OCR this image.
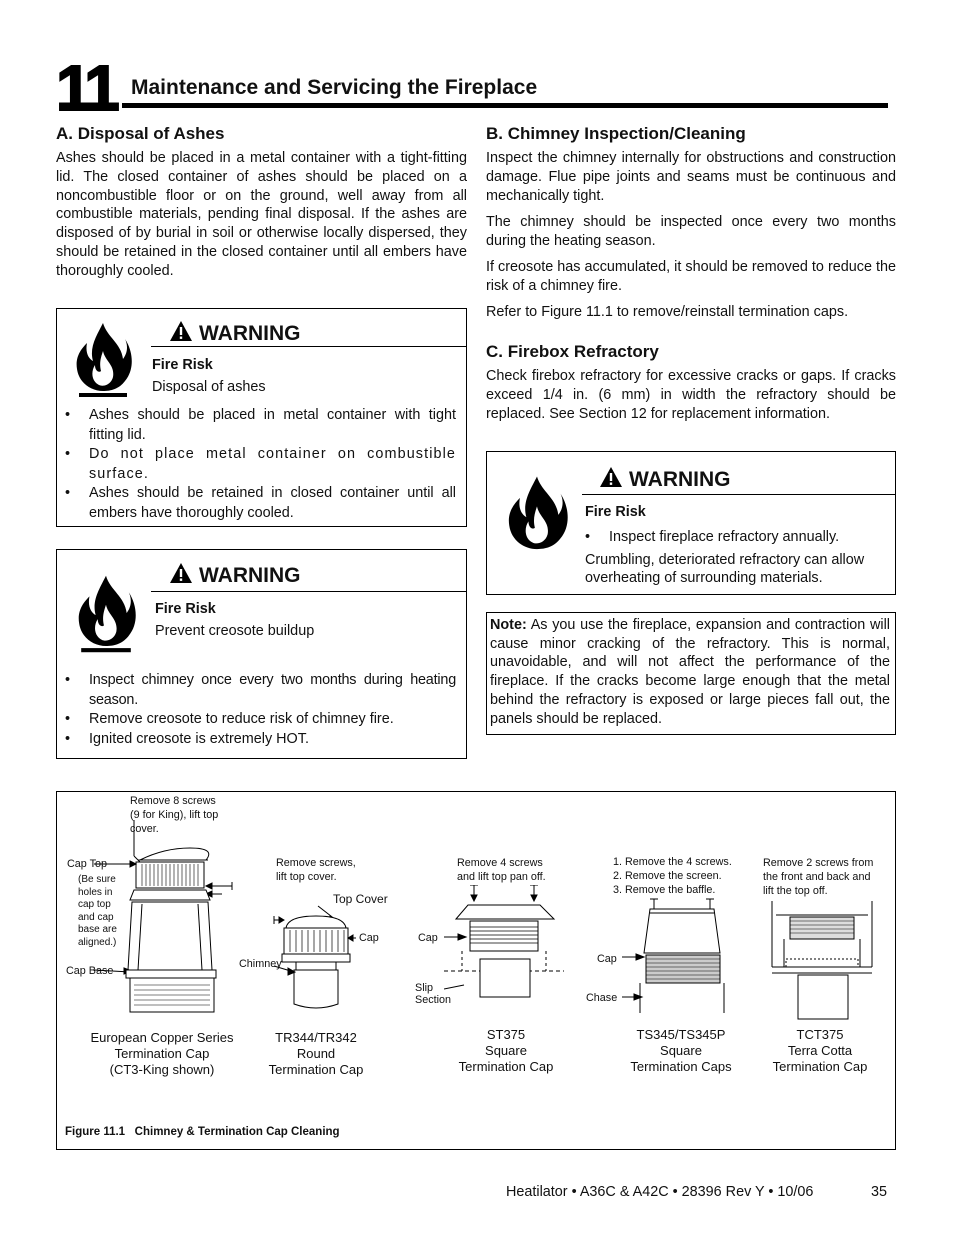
11 Maintenance and Servicing the Fireplace
A. Disposal of Ashes

Ashes should be placed in a metal container with a tight-fitting lid. The closed container of ashes should be placed on a noncombustible floor or on the ground, well away from all combustible materials, pending final disposal. If the ashes are disposed of by burial in soil or otherwise locally dispersed, they should be retained in the closed container until all embers have thoroughly cooled.

WARNING
Fire Risk
Disposal of ashes
• Ashes should be placed in metal container with tight fitting lid.
• Do not place metal container on combustible surface.
• Ashes should be retained in closed container until all embers have thoroughly cooled.
WARNING
Fire Risk
Prevent creosote buildup
• Inspect chimney once every two months during heating season.
• Remove creosote to reduce risk of chimney fire.
• Ignited creosote is extremely HOT.
B. Chimney Inspection/Cleaning

Inspect the chimney internally for obstructions and construction damage. Flue pipe joints and seams must be continuous and mechanically tight.

The chimney should be inspected once every two months during the heating season.

If creosote has accumulated, it should be removed to reduce the risk of a chimney fire.

Refer to Figure 11.1 to remove/reinstall termination caps.

C. Firebox Refractory

Check firebox refractory for excessive cracks or gaps. If cracks exceed 1/4 in. (6 mm) in width the refractory should be replaced. See Section 12 for replacement information.

WARNING
Fire Risk
• Inspect fireplace refractory annually.
Crumbling, deteriorated refractory can allow overheating of surrounding materials.

Note: As you use the fireplace, expansion and contraction will cause minor cracking of the refractory. This is normal, unavoidable, and will not affect the performance of the fireplace. If the cracks become large enough that the metal behind the refractory is exposed or large pieces fall out, the panels should be replaced.

Remove 8 screws
(9 for King), lift top
cover.
Cap Top
(Be sure
holes in
cap top
and cap
base are
aligned.)
Cap Base
European Copper Series
Termination Cap
(CT3-King shown)
Remove screws,
lift top cover.
Top Cover
Cap
Chimney
TR344/TR342
Round
Termination Cap
Remove 4 screws
and lift top pan off.
Cap
Slip
Section
ST375
Square
Termination Cap
1. Remove the 4 screws.
2. Remove the screen.
3. Remove the baffle.
Cap
Chase
TS345/TS345P
Square
Termination Caps
Remove 2 screws from
the front and back and
lift the top off.
TCT375
Terra Cotta
Termination Cap
Figure 11.1   Chimney & Termination Cap Cleaning
Heatilator • A36C & A42C • 28396 Rev Y • 10/06	35
